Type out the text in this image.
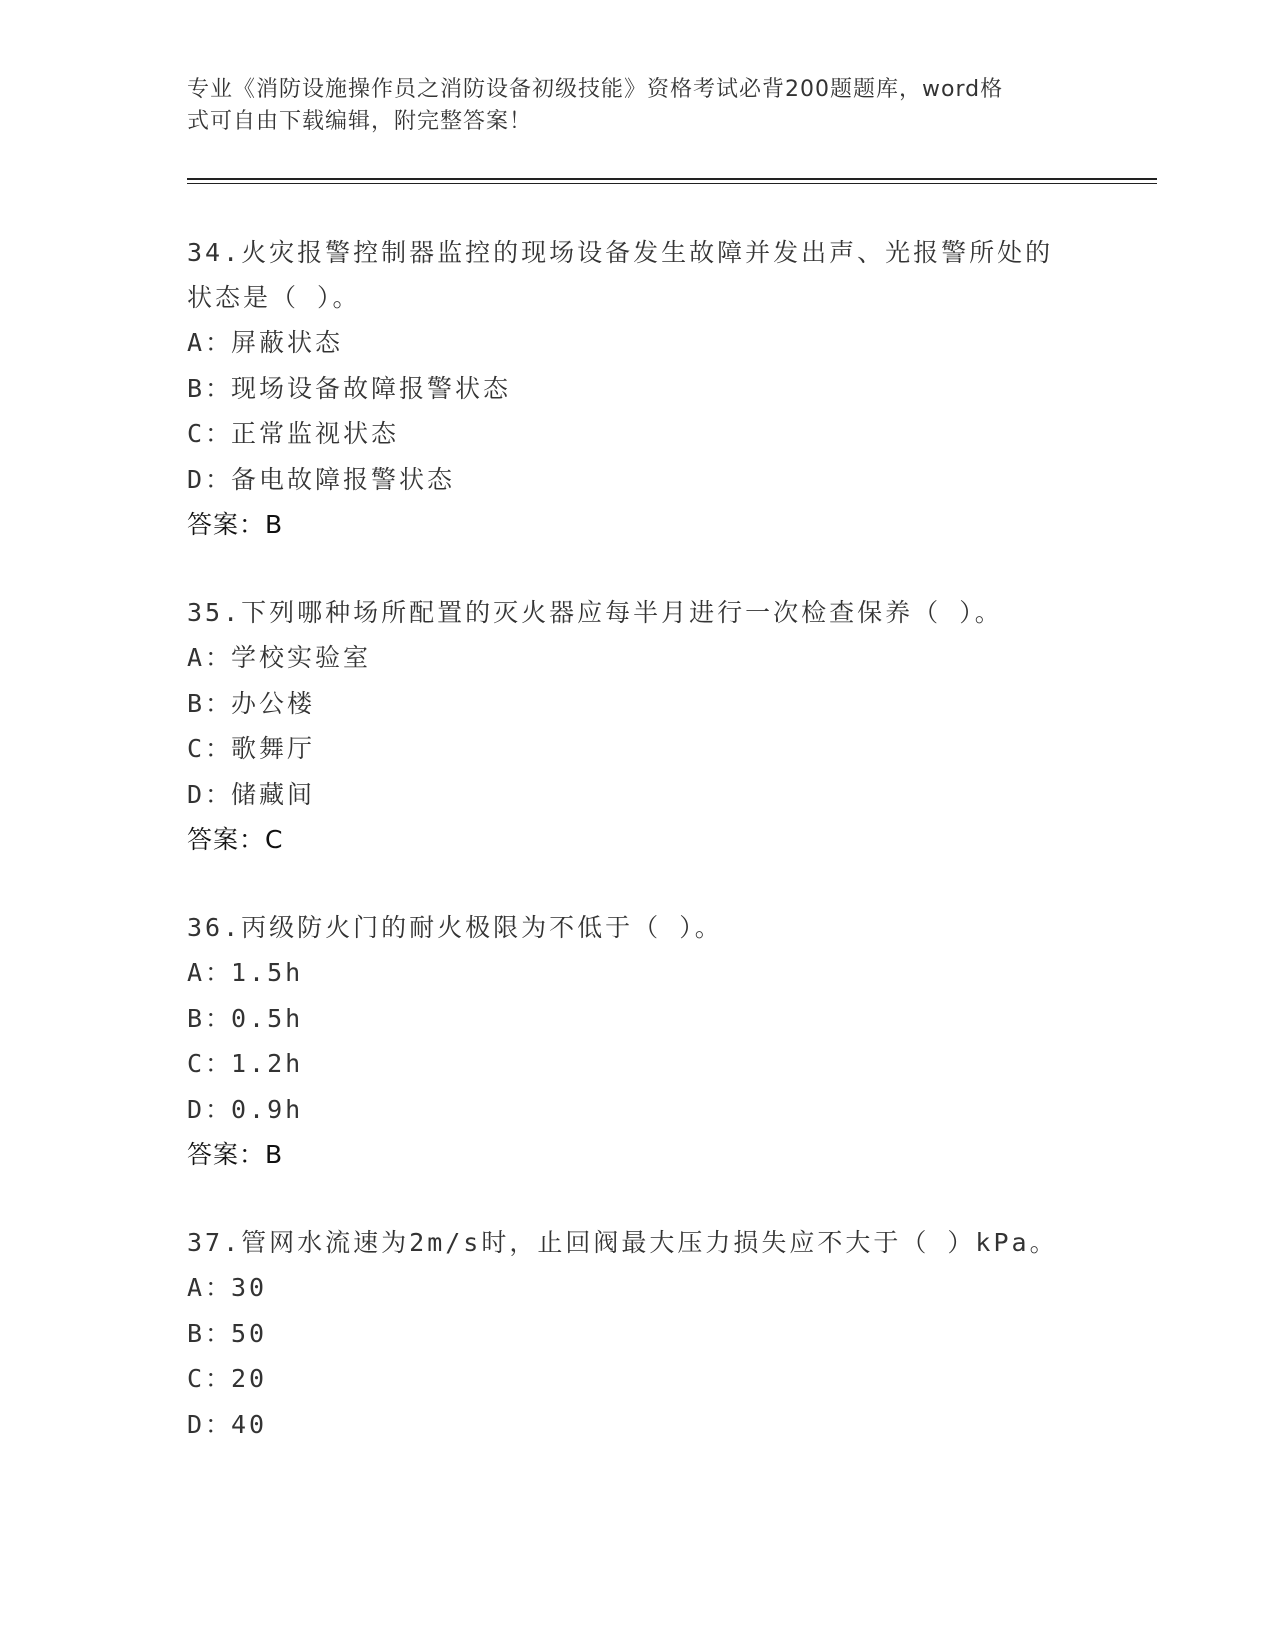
专业《消防设施操作员之消防设备初级技能》资格考试必背200题题库，word格
式可自由下载编辑，附完整答案！
34.火灾报警控制器监控的现场设备发生故障并发出声、光报警所处的
状态是（ ）。
A：
屏蔽状态
B：
现场设备故障报警状态
C：
正常监视状态
D：
备电故障报警状态
答案：B
35.下列哪种场所配置的灭火器应每半月进行一次检查保养（ ）。
A：
学校实验室
B：
办公楼
C：
歌舞厅
D：
储藏间
答案：C
36.丙级防火门的耐火极限为不低于（ ）。
A：
1.5h
B：
0.5h
C：
1.2h
D：
0.9h
答案：B
37.管网水流速为2m/s时，止回阀最大压力损失应不大于（ ）kPa。
A：
30
B：
50
C：
20
D：
40
